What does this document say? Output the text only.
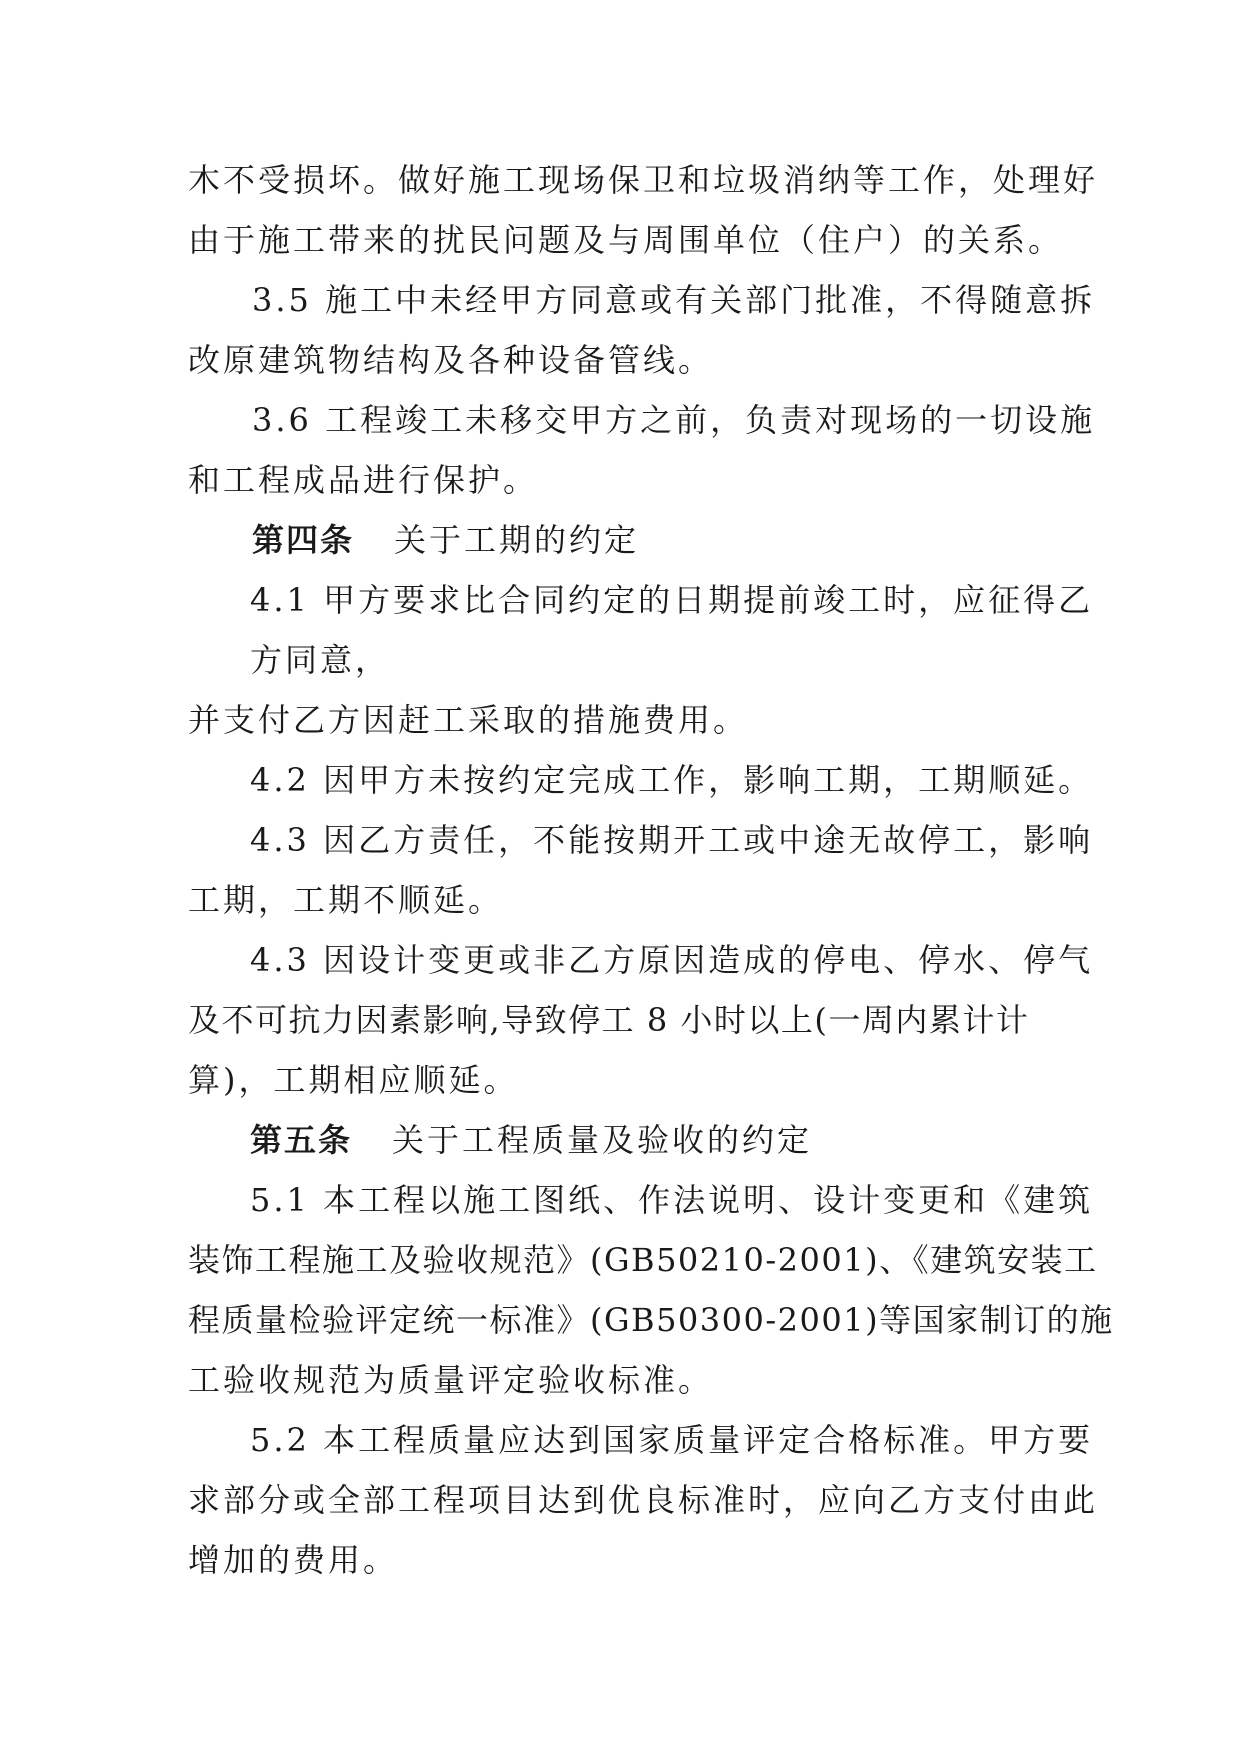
木不受损坏。做好施工现场保卫和垃圾消纳等工作，处理好
由于施工带来的扰民问题及与周围单位（住户）的关系。
3.5 施工中未经甲方同意或有关部门批准，不得随意拆
改原建筑物结构及各种设备管线。
3.6 工程竣工未移交甲方之前，负责对现场的一切设施
和工程成品进行保护。
第四条 关于工期的约定
4.1 甲方要求比合同约定的日期提前竣工时，应征得乙
方同意，
并支付乙方因赶工采取的措施费用。
4.2 因甲方未按约定完成工作，影响工期，工期顺延。
4.3 因乙方责任，不能按期开工或中途无故停工，影响
工期，工期不顺延。
4.3 因设计变更或非乙方原因造成的停电、停水、停气
及不可抗力因素影响,导致停工 8 小时以上(一周内累计计
算)，工期相应顺延。
第五条 关于工程质量及验收的约定
5.1 本工程以施工图纸、作法说明、设计变更和《建筑
装饰工程施工及验收规范》(GB50210-2001)、《建筑安装工
程质量检验评定统一标准》(GB50300-2001)等国家制订的施
工验收规范为质量评定验收标准。
5.2 本工程质量应达到国家质量评定合格标准。甲方要
求部分或全部工程项目达到优良标准时，应向乙方支付由此
增加的费用。
